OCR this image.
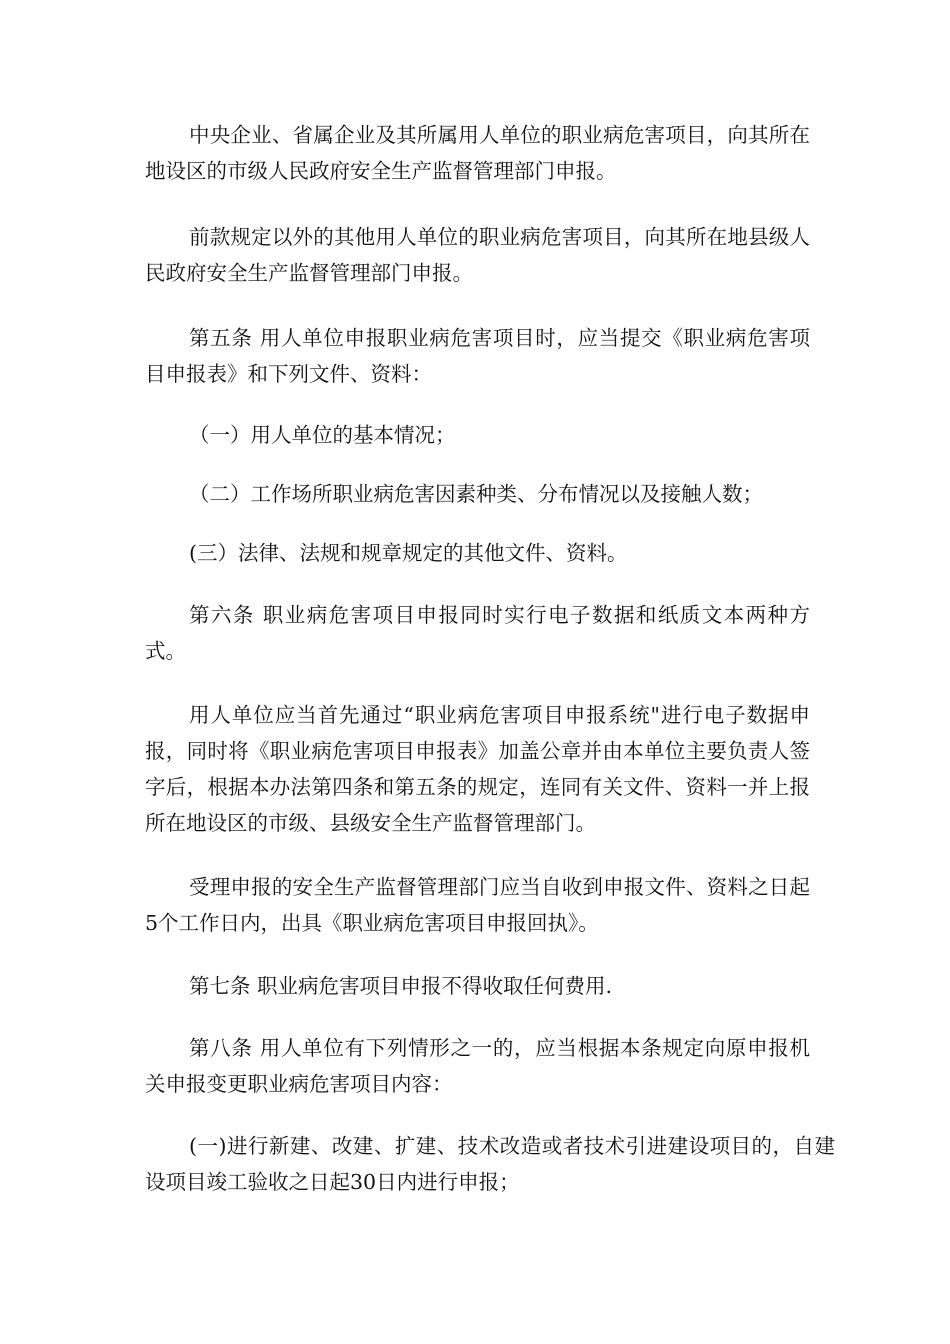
中央企业、省属企业及其所属用人单位的职业病危害项目，向其所在地设区的市级人民政府安全生产监督管理部门申报。

前款规定以外的其他用人单位的职业病危害项目，向其所在地县级人民政府安全生产监督管理部门申报。

第五条 用人单位申报职业病危害项目时，应当提交《职业病危害项目申报表》和下列文件、资料：

（一）用人单位的基本情况；

（二）工作场所职业病危害因素种类、分布情况以及接触人数；

(三）法律、法规和规章规定的其他文件、资料。

第六条 职业病危害项目申报同时实行电子数据和纸质文本两种方式。

用人单位应当首先通过“职业病危害项目申报系统"进行电子数据申报，同时将《职业病危害项目申报表》加盖公章并由本单位主要负责人签字后，根据本办法第四条和第五条的规定，连同有关文件、资料一并上报所在地设区的市级、县级安全生产监督管理部门。

受理申报的安全生产监督管理部门应当自收到申报文件、资料之日起5个工作日内，出具《职业病危害项目申报回执》。

第七条 职业病危害项目申报不得收取任何费用.

第八条 用人单位有下列情形之一的，应当根据本条规定向原申报机关申报变更职业病危害项目内容：

(一)进行新建、改建、扩建、技术改造或者技术引进建设项目的，自建设项目竣工验收之日起30日内进行申报；
